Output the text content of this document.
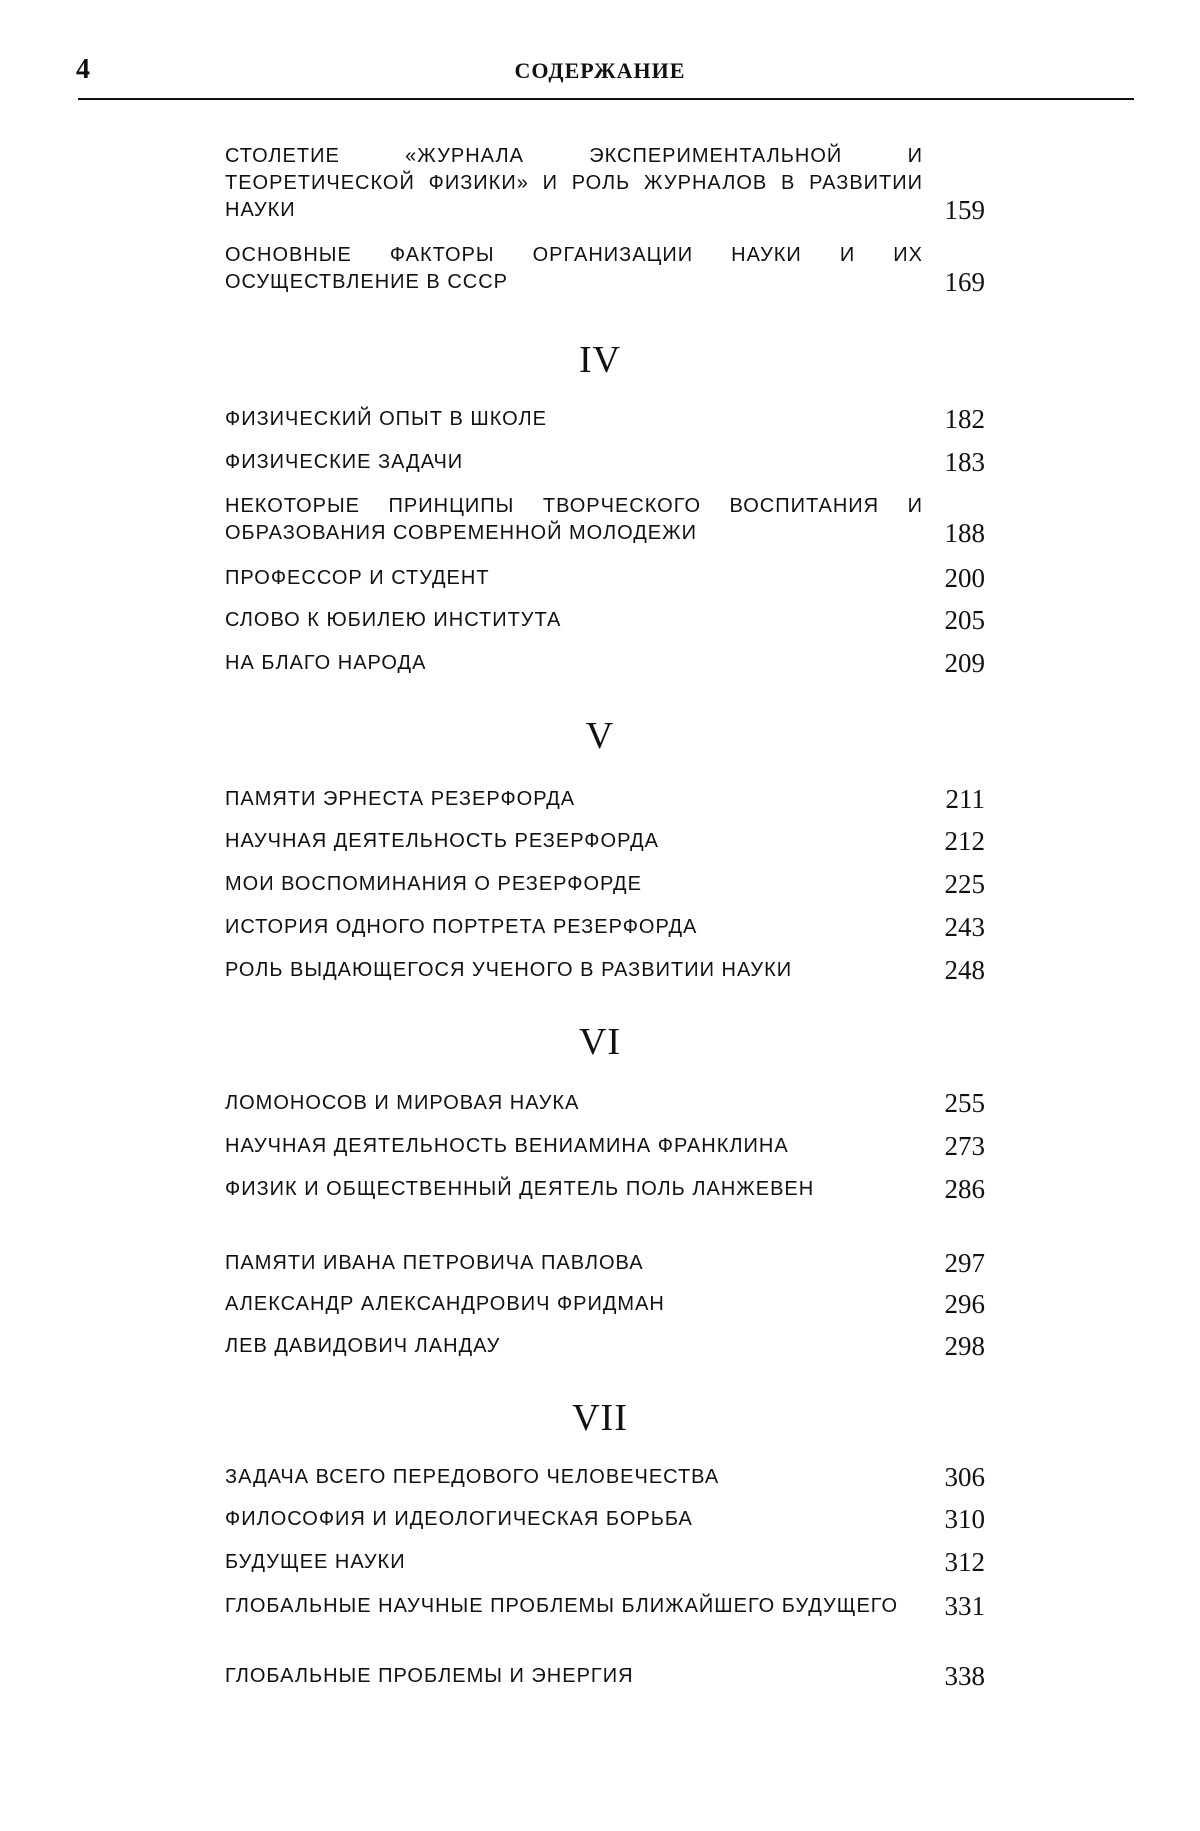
4	СОДЕРЖАНИЕ
СТОЛЕТИЕ «ЖУРНАЛА ЭКСПЕРИМЕНТАЛЬНОЙ И ТЕОРЕТИЧЕСКОЙ ФИЗИКИ» И РОЛЬ ЖУРНАЛОВ В РАЗВИТИИ НАУКИ	159
ОСНОВНЫЕ ФАКТОРЫ ОРГАНИЗАЦИИ НАУКИ И ИХ ОСУЩЕСТВЛЕНИЕ В СССР	169
IV
ФИЗИЧЕСКИЙ ОПЫТ В ШКОЛЕ	182
ФИЗИЧЕСКИЕ ЗАДАЧИ	183
НЕКОТОРЫЕ ПРИНЦИПЫ ТВОРЧЕСКОГО ВОСПИТАНИЯ И ОБРАЗОВАНИЯ СОВРЕМЕННОЙ МОЛОДЕЖИ	188
ПРОФЕССОР И СТУДЕНТ	200
СЛОВО К ЮБИЛЕЮ ИНСТИТУТА	205
НА БЛАГО НАРОДА	209
V
ПАМЯТИ ЭРНЕСТА РЕЗЕРФОРДА	211
НАУЧНАЯ ДЕЯТЕЛЬНОСТЬ РЕЗЕРФОРДА	212
МОИ ВОСПОМИНАНИЯ О РЕЗЕРФОРДЕ	225
ИСТОРИЯ ОДНОГО ПОРТРЕТА РЕЗЕРФОРДА	243
РОЛЬ ВЫДАЮЩЕГОСЯ УЧЕНОГО В РАЗВИТИИ НАУКИ	248
VI
ЛОМОНОСОВ И МИРОВАЯ НАУКА	255
НАУЧНАЯ ДЕЯТЕЛЬНОСТЬ ВЕНИАМИНА ФРАНКЛИНА	273
ФИЗИК И ОБЩЕСТВЕННЫЙ ДЕЯТЕЛЬ ПОЛЬ ЛАНЖЕВЕН	286
ПАМЯТИ ИВАНА ПЕТРОВИЧА ПАВЛОВА	297
АЛЕКСАНДР АЛЕКСАНДРОВИЧ ФРИДМАН	296
ЛЕВ ДАВИДОВИЧ ЛАНДАУ	298
VII
ЗАДАЧА ВСЕГО ПЕРЕДОВОГО ЧЕЛОВЕЧЕСТВА	306
ФИЛОСОФИЯ И ИДЕОЛОГИЧЕСКАЯ БОРЬБА	310
БУДУЩЕЕ НАУКИ	312
ГЛОБАЛЬНЫЕ НАУЧНЫЕ ПРОБЛЕМЫ БЛИЖАЙШЕГО БУДУЩЕГО	331
ГЛОБАЛЬНЫЕ ПРОБЛЕМЫ И ЭНЕРГИЯ	338
